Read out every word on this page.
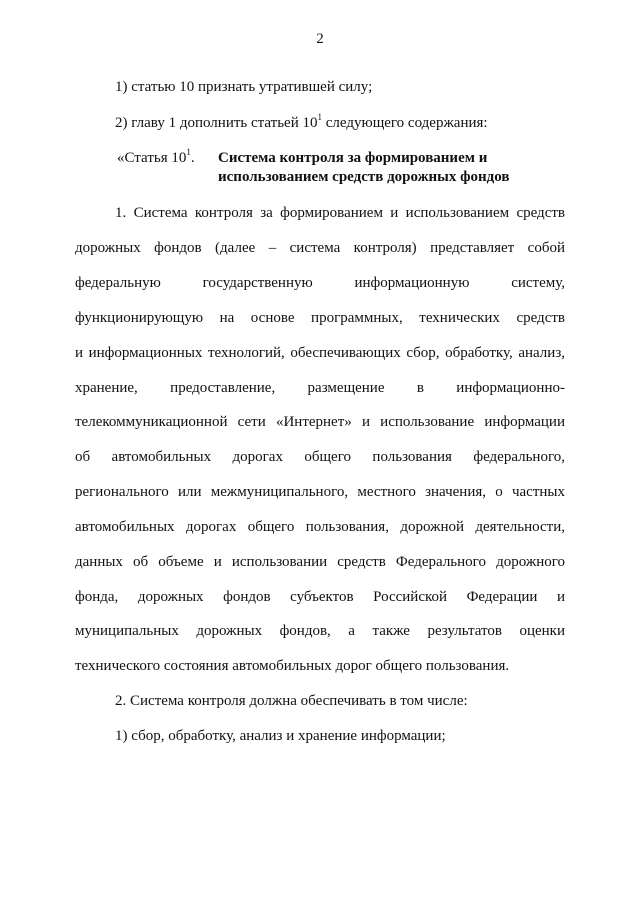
2
1) статью 10 признать утратившей силу;
2) главу 1 дополнить статьей $10^1$ следующего содержания:
«Статья $10^1$. Система контроля за формированием и
использованием средств дорожных фондов
1. Система контроля за формированием и использованием средств
дорожных фондов (далее – система контроля) представляет собой
федеральную государственную информационную систему,
функционирующую на основе программных, технических средств
и информационных технологий, обеспечивающих сбор, обработку, анализ,
хранение, предоставление, размещение в информационно-
телекоммуникационной сети «Интернет» и использование информации
об автомобильных дорогах общего пользования федерального,
регионального или межмуниципального, местного значения, о частных
автомобильных дорогах общего пользования, дорожной деятельности,
данных об объеме и использовании средств Федерального дорожного
фонда, дорожных фондов субъектов Российской Федерации и
муниципальных дорожных фондов, а также результатов оценки
технического состояния автомобильных дорог общего пользования.
2. Система контроля должна обеспечивать в том числе:
1) сбор, обработку, анализ и хранение информации;
